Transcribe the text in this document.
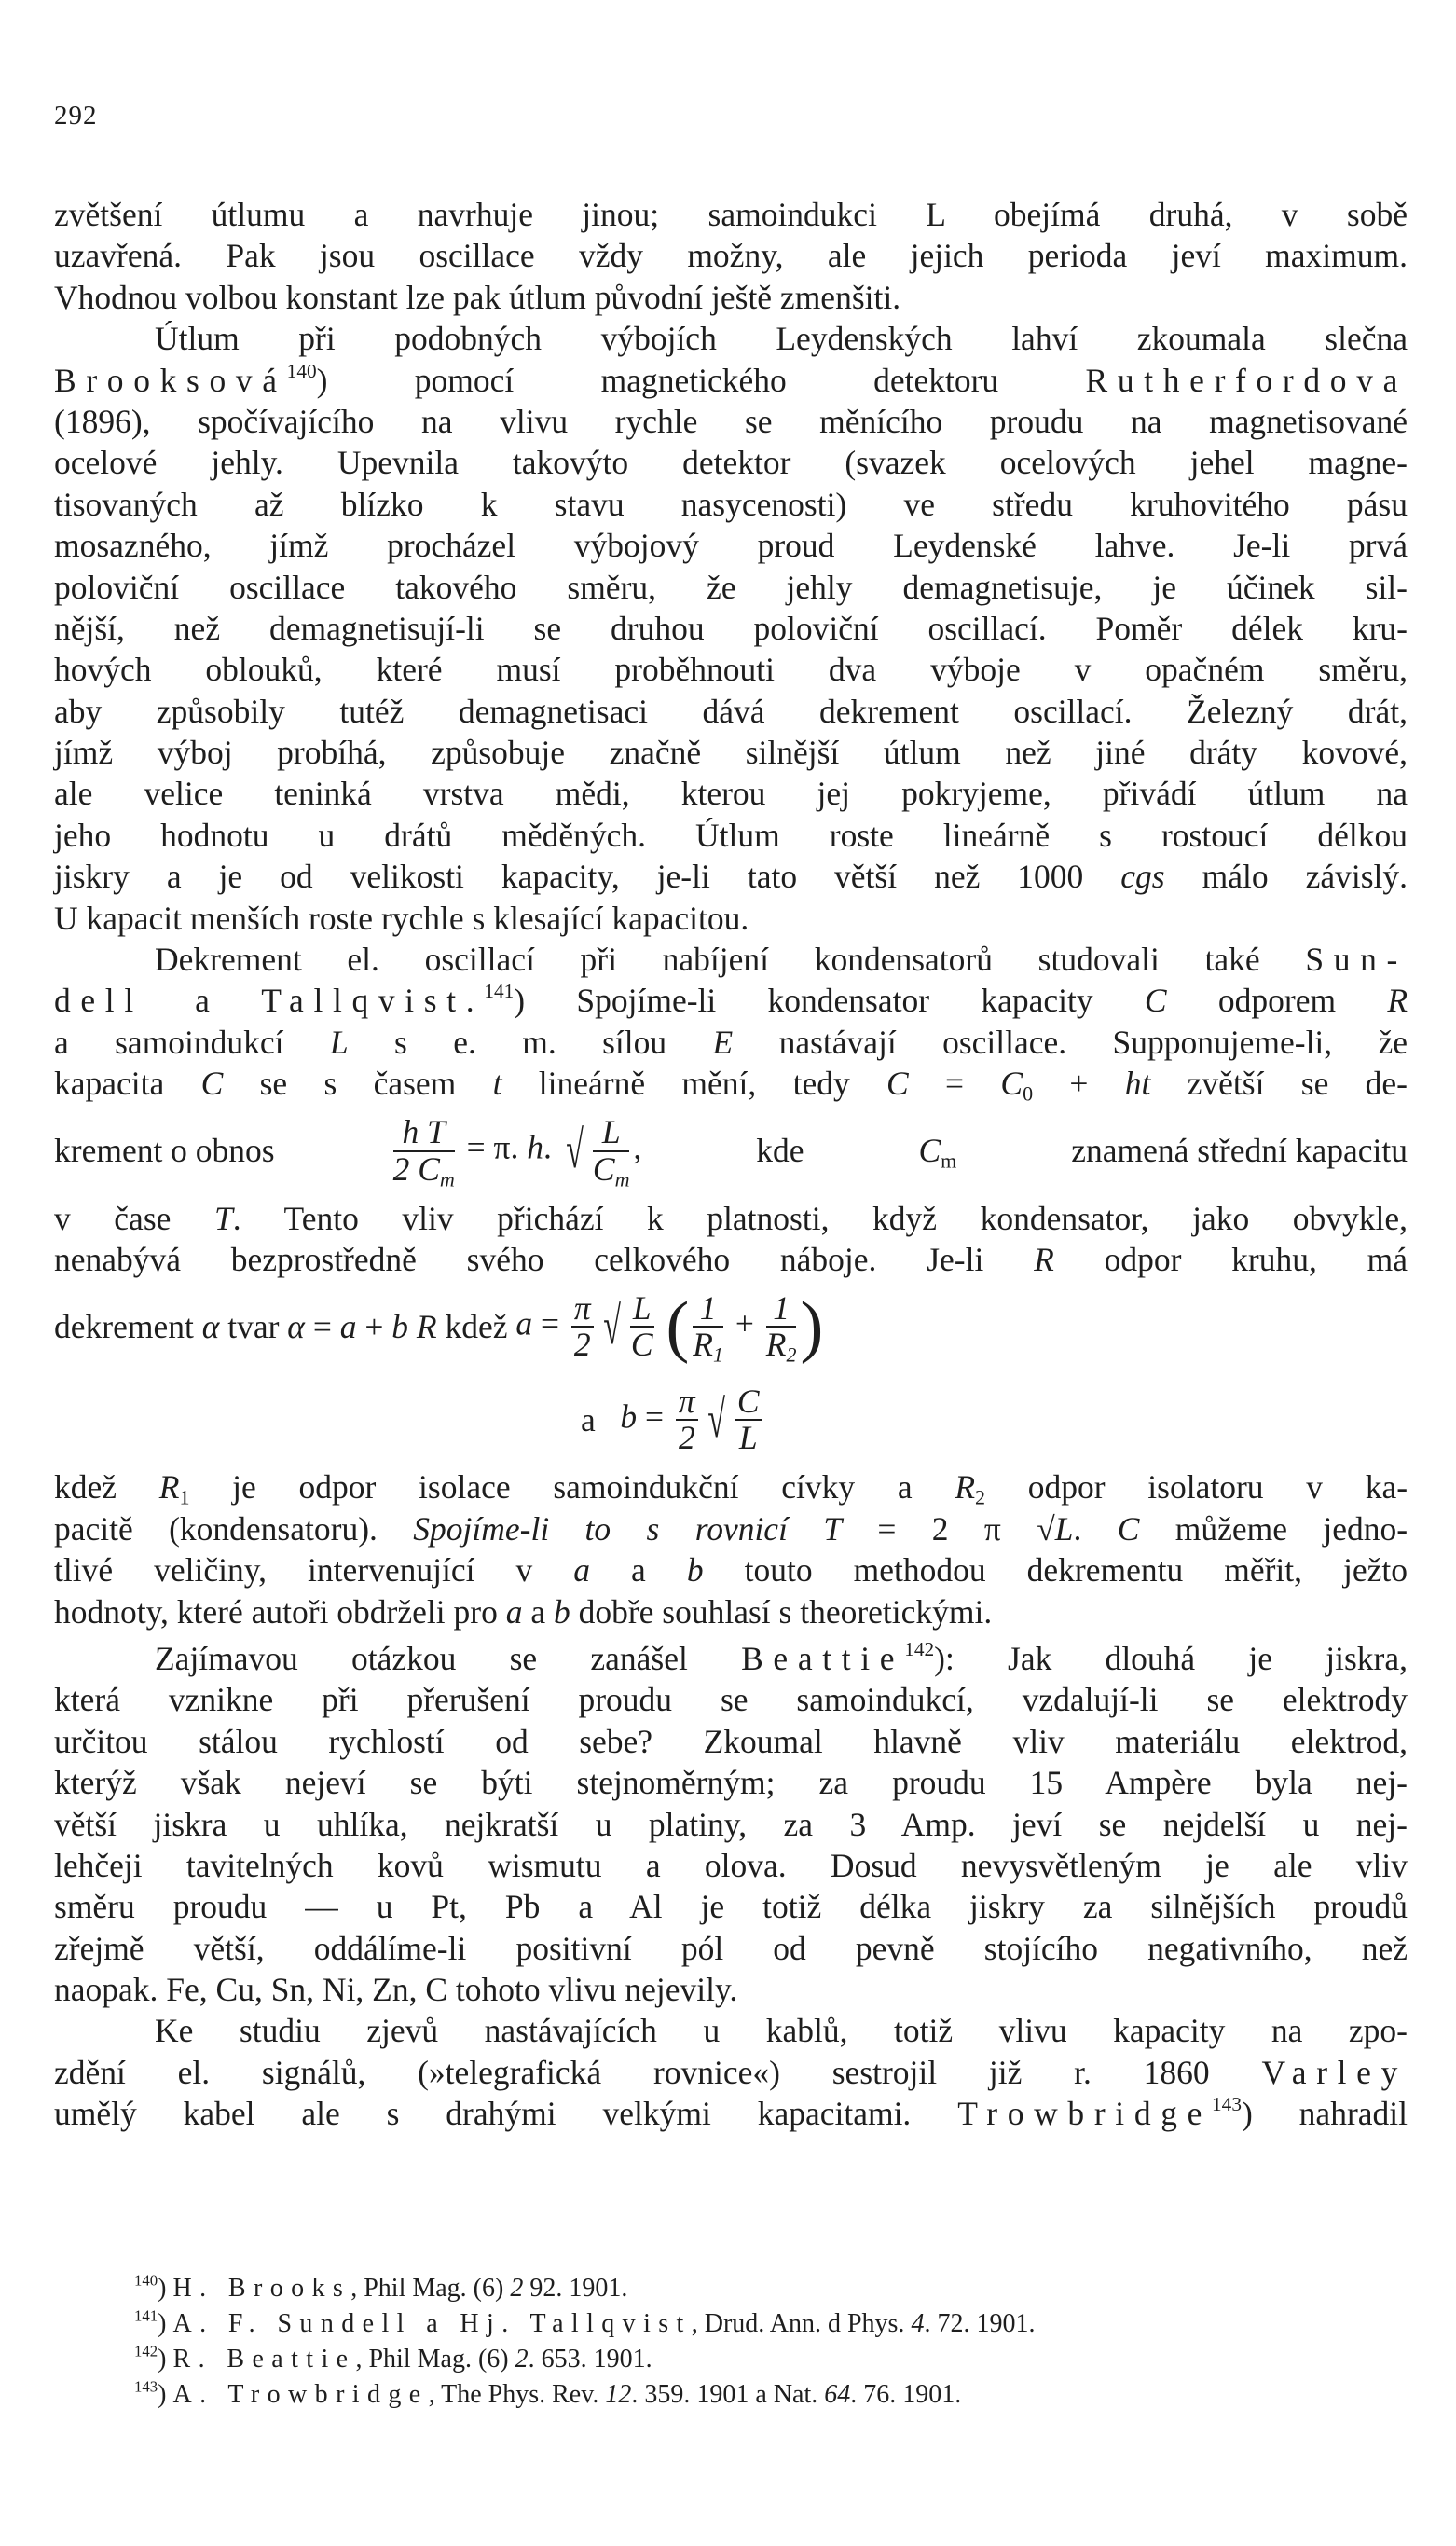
292
zvětšení útlumu a navrhuje jinou; samoindukci L obejímá druhá, v sobě
uzavřená. Pak jsou oscillace vždy možny, ale jejich perioda jeví maximum.
Vhodnou volbou konstant lze pak útlum původní ještě zmenšiti.
Útlum při podobných výbojích Leydenských lahví zkoumala slečna
Brooksová$^{140}$) pomocí magnetického detektoru	Rutherfordova
(1896), spočívajícího na vlivu rychle se měnícího proudu na magnetisované
ocelové jehly. Upevnila takovýto detektor (svazek ocelových jehel magne-
tisovaných až blízko k stavu nasycenosti) ve středu kruhovitého pásu
mosazného, jímž procházel výbojový proud Leydenské lahve. Je-li prvá
poloviční oscillace takového směru, že jehly demagnetisuje, je účinek sil-
nější, než demagnetisují-li se druhou poloviční oscillací. Poměr délek kru-
hových oblouků, které musí proběhnouti dva výboje v opačném směru,
aby způsobily tutéž demagnetisaci dává dekrement oscillací. Železný drát,
jímž výboj probíhá, způsobuje značně silnější útlum než jiné dráty kovové,
ale velice teninká vrstva mědi, kterou jej pokryjeme, přivádí útlum na
jeho hodnotu u drátů měděných. Útlum roste lineárně s rostoucí délkou
jiskry a je od velikosti kapacity, je-li tato větší než 1000 cgs málo závislý.
U kapacit menších roste rychle s klesající kapacitou.
Dekrement el. oscillací při nabíjení kondensatorů studovali také Sun-
dell a Tallqvist.$^{141}$) Spojíme-li kondensator kapacity C odporem R
a samoindukcí L s e. m. sílou E nastávají oscillace. Supponujeme-li, že
kapacita C se s časem t lineárně mění, tedy $C = C_0$ + ht zvětší se de-
krement o obnos	$\frac{\text{h T}}{2 C_m} = \pi$. h. √ $\frac{L}{C_m}$ ,	kde	$C_m$	znamená střední kapacitu
v čase T. Tento vliv přichází k platnosti, když kondensator, jako obvykle,
nenabývá bezprostředně svého celkového náboje. Je-li R odpor kruhu, má
dekrement
α
tvar
α = a + b R
kdež
$a = \frac{\pi}{2}$ √ $\frac{L}{C}$ ( $\frac{1}{R_1} + \frac{1}{R_2}$ )
a
$b = \frac{\pi}{2}$ √ $\frac{C}{L}$
kdež $R_1$ je odpor isolace samoindukční cívky a $R_2$ odpor isolatoru v ka-
pacitě (kondensatoru). Spojíme-li to s rovnicí T = 2 π √L. C můžeme jedno-
tlivé veličiny, intervenující v a a b touto methodou dekrementu měřit, ježto
hodnoty, které autoři obdrželi pro a a b dobře souhlasí s theoretickými.
Zajímavou otázkou se zanášel Beattie$^{142}$): Jak dlouhá je jiskra,
která vznikne při přerušení proudu se samoindukcí, vzdalují-li se elektrody
určitou stálou rychlostí od sebe? Zkoumal hlavně vliv materiálu elektrod,
kterýž však nejeví se býti stejnoměrným; za proudu 15 Ampère byla nej-
větší jiskra u uhlíka, nejkratší u platiny, za 3 Amp. jeví se nejdelší u nej-
lehčeji tavitelných kovů wismutu a olova. Dosud nevysvětleným je ale vliv
směru proudu — u Pt, Pb a Al je totiž délka jiskry za silnějších proudů
zřejmě větší, oddálíme-li positivní pól od pevně stojícího negativního, než
naopak. Fe, Cu, Sn, Ni, Zn, C tohoto vlivu nejevily.
Ke studiu zjevů nastávajících u kablů, totiž vlivu kapacity na zpo-
zdění el. signálů, (»telegrafická rovnice«) sestrojil již r. 1860 Varley
umělý kabel ale s drahými velkými kapacitami. Trowbridge$^{143}$) nahradil
$^{140}$) H. Brooks, Phil Mag. (6) 2 92. 1901.
$^{141}$) A. F. Sundell a Hj. Tallqvist, Drud. Ann. d Phys. 4. 72. 1901.
$^{142}$) R. Beattie, Phil Mag. (6) 2. 653. 1901.
$^{143}$) A. Trowbridge, The Phys. Rev. 12. 359. 1901 a Nat. 64. 76. 1901.
